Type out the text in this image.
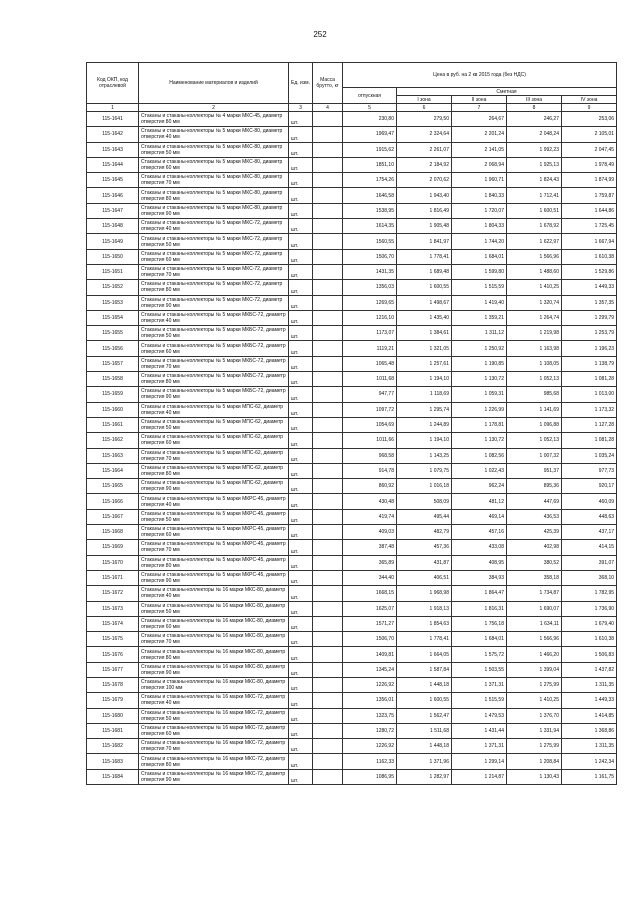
252
Код ОКП, код отраслевой	Наименование материалов и изделий	Ед. изм.	Масса брутто, кг	Цена в руб. на 2 кв 2015 года (без НДС)				
				отпускная	Сметная			
					I зона	II зона	III зона	IV зона
1	2	3	4	5	6	7	8	9
115-1641	Стаканы и стаканы-коллекторы № 4 марки МКС-45, диаметр отверстия 80 мм	шт.		230,80	279,50	264,67	246,27	253,06
115-1642	Стаканы и стаканы-коллекторы № 5 марки МКС-80, диаметр отверстия 40 мм	шт.		1969,47	2 324,64	2 201,24	2 048,24	2 105,01
115-1643	Стаканы и стаканы-коллекторы № 5 марки МКС-80, диаметр отверстия 50 мм	шт.		1915,62	2 261,07	2 141,05	1 992,23	2 047,45
115-1644	Стаканы и стаканы-коллекторы № 5 марки МКС-80, диаметр отверстия 60 мм	шт.		1851,10	2 184,92	2 068,94	1 925,13	1 978,49
115-1645	Стаканы и стаканы-коллекторы № 5 марки МКС-80, диаметр отверстия 70 мм	шт.		1754,26	2 070,62	1 960,71	1 824,43	1 874,99
115-1646	Стаканы и стаканы-коллекторы № 5 марки МКС-80, диаметр отверстия 80 мм	шт.		1646,58	1 943,40	1 840,33	1 712,41	1 759,87
115-1647	Стаканы и стаканы-коллекторы № 5 марки МКС-80, диаметр отверстия 90 мм	шт.		1538,95	1 816,49	1 720,07	1 600,51	1 644,86
115-1648	Стаканы и стаканы-коллекторы № 5 марки МКС-72, диаметр отверстия 40 мм	шт.		1614,35	1 905,48	1 804,33	1 678,92	1 725,45
115-1649	Стаканы и стаканы-коллекторы № 5 марки МКС-72, диаметр отверстия 50 мм	шт.		1560,55	1 841,97	1 744,20	1 622,97	1 667,94
115-1650	Стаканы и стаканы-коллекторы № 5 марки МКС-72, диаметр отверстия 60 мм	шт.		1506,70	1 778,41	1 684,01	1 566,96	1 610,38
115-1651	Стаканы и стаканы-коллекторы № 5 марки МКС-72, диаметр отверстия 70 мм	шт.		1431,35	1 689,48	1 599,80	1 488,60	1 529,86
115-1652	Стаканы и стаканы-коллекторы № 5 марки МКС-72, диаметр отверстия 80 мм	шт.		1356,03	1 600,55	1 515,59	1 410,25	1 449,33
115-1653	Стаканы и стаканы-коллекторы № 5 марки МКС-72, диаметр отверстия 90 мм	шт.		1269,65	1 498,67	1 419,40	1 320,74	1 357,35
115-1654	Стаканы и стаканы-коллекторы № 5 марки МКБС-72, диаметр отверстия 40 мм	шт.		1216,10	1 435,40	1 359,21	1 264,74	1 299,79
115-1655	Стаканы и стаканы-коллекторы № 5 марки МКБС-72, диаметр отверстия 50 мм	шт.		1173,07	1 384,61	1 311,12	1 219,98	1 253,79
115-1656	Стаканы и стаканы-коллекторы № 5 марки МКБС-72, диаметр отверстия 60 мм	шт.		1119,21	1 321,05	1 250,92	1 163,98	1 196,23
115-1657	Стаканы и стаканы-коллекторы № 5 марки МКБС-72, диаметр отверстия 70 мм	шт.		1065,48	1 257,61	1 190,85	1 108,05	1 138,79
115-1658	Стаканы и стаканы-коллекторы № 5 марки МКБС-72, диаметр отверстия 80 мм	шт.		1011,68	1 194,10	1 130,72	1 052,13	1 081,28
115-1659	Стаканы и стаканы-коллекторы № 5 марки МКБС-72, диаметр отверстия 90 мм	шт.		947,77	1 118,69	1 059,31	985,68	1 013,00
115-1660	Стаканы и стаканы-коллекторы № 5 марки МПС-62, диаметр отверстия 40 мм	шт.		1097,72	1 295,74	1 226,99	1 141,69	1 173,32
115-1661	Стаканы и стаканы-коллекторы № 5 марки МПС-62, диаметр отверстия 50 мм	шт.		1054,69	1 244,89	1 178,81	1 096,88	1 127,28
115-1662	Стаканы и стаканы-коллекторы № 5 марки МПС-62, диаметр отверстия 60 мм	шт.		1011,66	1 194,10	1 130,72	1 052,13	1 081,28
115-1663	Стаканы и стаканы-коллекторы № 5 марки МПС-62, диаметр отверстия 70 мм	шт.		968,58	1 143,25	1 082,56	1 007,32	1 035,24
115-1664	Стаканы и стаканы-коллекторы № 5 марки МПС-62, диаметр отверстия 80 мм	шт.		914,78	1 079,75	1 022,43	951,37	977,73
115-1665	Стаканы и стаканы-коллекторы № 5 марки МПС-62, диаметр отверстия 90 мм	шт.		860,92	1 016,18	962,24	895,36	920,17
115-1666	Стаканы и стаканы-коллекторы № 5 марки МКРС-45, диаметр отверстия 40 мм	шт.		430,48	508,09	481,12	447,69	460,09
115-1667	Стаканы и стаканы-коллекторы № 5 марки МКРС-45, диаметр отверстия 50 мм	шт.		419,74	495,44	469,14	436,53	448,63
115-1668	Стаканы и стаканы-коллекторы № 5 марки МКРС-45, диаметр отверстия 60 мм	шт.		409,03	482,79	457,16	425,39	437,17
115-1669	Стаканы и стаканы-коллекторы № 5 марки МКРС-45, диаметр отверстия 70 мм	шт.		387,48	457,36	433,08	402,98	414,15
115-1670	Стаканы и стаканы-коллекторы № 5 марки МКРС-45, диаметр отверстия 80 мм	шт.		365,89	431,87	408,95	380,52	391,07
115-1671	Стаканы и стаканы-коллекторы № 5 марки МКРС-45, диаметр отверстия 90 мм	шт.		344,40	406,51	384,93	358,18	368,10
115-1672	Стаканы и стаканы-коллекторы № 16 марки МКС-80, диаметр отверстия 40 мм	шт.		1668,15	1 968,98	1 864,47	1 734,87	1 782,95
115-1673	Стаканы и стаканы-коллекторы № 16 марки МКС-80, диаметр отверстия 50 мм	шт.		1625,07	1 918,13	1 816,31	1 690,07	1 736,90
115-1674	Стаканы и стаканы-коллекторы № 16 марки МКС-80, диаметр отверстия 60 мм	шт.		1571,27	1 854,63	1 756,18	1 634,11	1 679,40
115-1675	Стаканы и стаканы-коллекторы № 16 марки МКС-80, диаметр отверстия 70 мм	шт.		1506,70	1 778,41	1 684,01	1 566,96	1 610,38
115-1676	Стаканы и стаканы-коллекторы № 16 марки МКС-80, диаметр отверстия 80 мм	шт.		1409,81	1 664,05	1 575,72	1 466,20	1 506,83
115-1677	Стаканы и стаканы-коллекторы № 16 марки МКС-80, диаметр отверстия 90 мм	шт.		1345,24	1 587,84	1 503,55	1 399,04	1 437,82
115-1678	Стаканы и стаканы-коллекторы № 16 марки МКС-80, диаметр отверстия 100 мм	шт.		1226,92	1 448,18	1 371,31	1 275,99	1 311,35
115-1679	Стаканы и стаканы-коллекторы № 16 марки МКС-72, диаметр отверстия 40 мм	шт.		1356,01	1 600,55	1 515,59	1 410,25	1 449,33
115-1680	Стаканы и стаканы-коллекторы № 16 марки МКС-72, диаметр отверстия 50 мм	шт.		1323,75	1 562,47	1 479,53	1 376,70	1 414,85
115-1681	Стаканы и стаканы-коллекторы № 16 марки МКС-72, диаметр отверстия 60 мм	шт.		1280,72	1 511,68	1 431,44	1 331,94	1 368,86
115-1682	Стаканы и стаканы-коллекторы № 16 марки МКС-72, диаметр отверстия 70 мм	шт.		1226,92	1 448,18	1 371,31	1 275,99	1 311,35
115-1683	Стаканы и стаканы-коллекторы № 16 марки МКС-72, диаметр отверстия 80 мм	шт.		1162,33	1 371,96	1 299,14	1 208,84	1 242,34
115-1684	Стаканы и стаканы-коллекторы № 16 марки МКС-72, диаметр отверстия 90 мм	шт.		1086,95	1 282,97	1 214,87	1 130,43	1 161,75
